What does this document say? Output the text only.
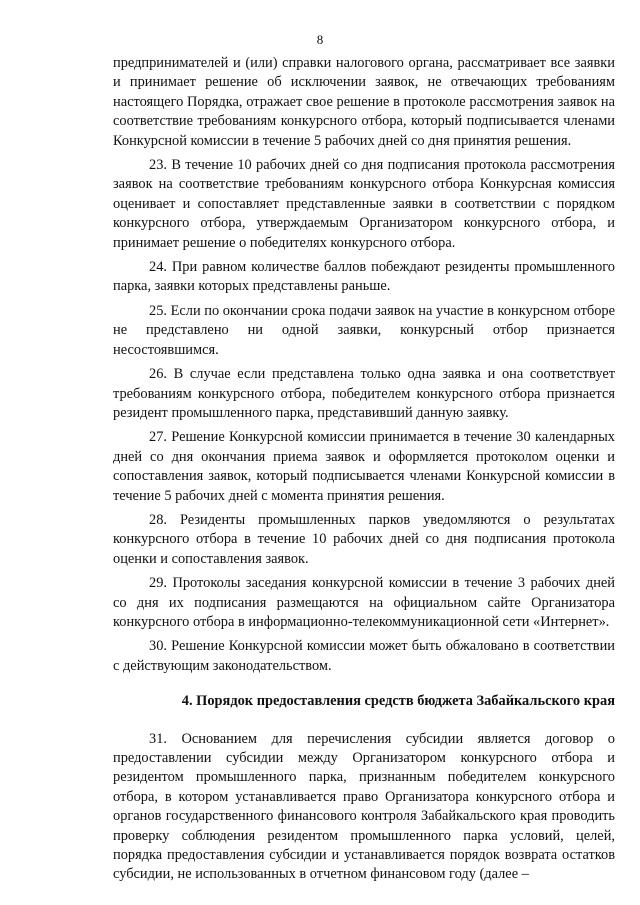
8

предпринимателей и (или) справки налогового органа, рассматривает все заявки и принимает решение об исключении заявок, не отвечающих требованиям настоящего Порядка, отражает свое решение в протоколе рассмотрения заявок на соответствие требованиям конкурсного отбора, который подписывается членами Конкурсной комиссии в течение 5 рабочих дней со дня принятия решения.

23. В течение 10 рабочих дней со дня подписания протокола рассмотрения заявок на соответствие требованиям конкурсного отбора Конкурсная комиссия оценивает и сопоставляет представленные заявки в соответствии с порядком конкурсного отбора, утверждаемым Организатором конкурсного отбора, и принимает решение о победителях конкурсного отбора.

24. При равном количестве баллов побеждают резиденты промышленного парка, заявки которых представлены раньше.

25. Если по окончании срока подачи заявок на участие в конкурсном отборе не представлено ни одной заявки, конкурсный отбор признается несостоявшимся.

26. В случае если представлена только одна заявка и она соответствует требованиям конкурсного отбора, победителем конкурсного отбора признается резидент промышленного парка, представивший данную заявку.

27. Решение Конкурсной комиссии принимается в течение 30 календарных дней со дня окончания приема заявок и оформляется протоколом оценки и сопоставления заявок, который подписывается членами Конкурсной комиссии в течение 5 рабочих дней с момента принятия решения.

28. Резиденты промышленных парков уведомляются о результатах конкурсного отбора в течение 10 рабочих дней со дня подписания протокола оценки и сопоставления заявок.

29. Протоколы заседания конкурсной комиссии в течение 3 рабочих дней со дня их подписания размещаются на официальном сайте Организатора конкурсного отбора в информационно-телекоммуникационной сети «Интернет».

30. Решение Конкурсной комиссии может быть обжаловано в соответствии с действующим законодательством.

4. Порядок предоставления средств бюджета Забайкальского края

31. Основанием для перечисления субсидии является договор о предоставлении субсидии между Организатором конкурсного отбора и резидентом промышленного парка, признанным победителем конкурсного отбора, в котором устанавливается право Организатора конкурсного отбора и органов государственного финансового контроля Забайкальского края проводить проверку соблюдения резидентом промышленного парка условий, целей, порядка предоставления субсидии и устанавливается порядок возврата остатков субсидии, не использованных в отчетном финансовом году (далее –
